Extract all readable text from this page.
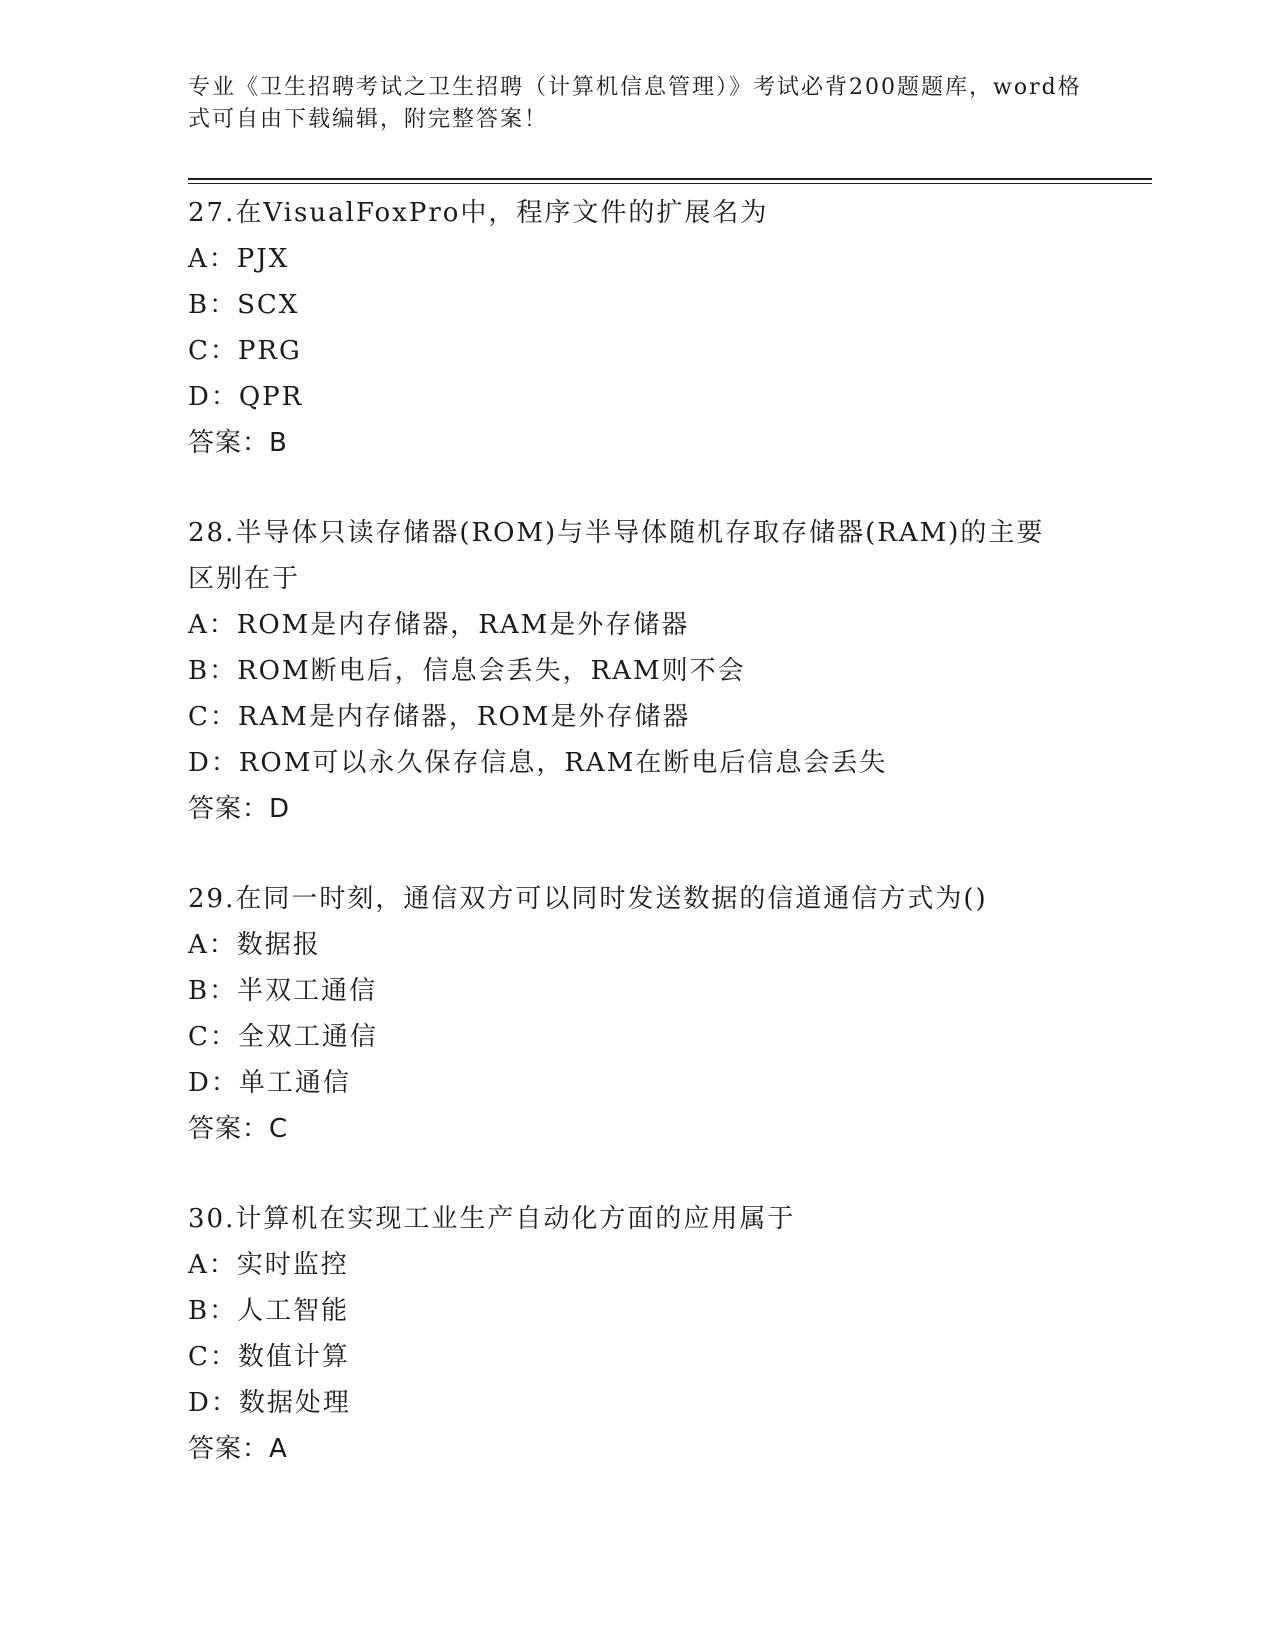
专业《卫生招聘考试之卫生招聘（计算机信息管理）》考试必背200题题库，word格式可自由下载编辑，附完整答案！
27.在VisualFoxPro中，程序文件的扩展名为
A：PJX
B：SCX
C：PRG
D：QPR
答案：B
28.半导体只读存储器(ROM)与半导体随机存取存储器(RAM)的主要区别在于
A：ROM是内存储器，RAM是外存储器
B：ROM断电后，信息会丢失，RAM则不会
C：RAM是内存储器，ROM是外存储器
D：ROM可以永久保存信息，RAM在断电后信息会丢失
答案：D
29.在同一时刻，通信双方可以同时发送数据的信道通信方式为()
A：数据报
B：半双工通信
C：全双工通信
D：单工通信
答案：C
30.计算机在实现工业生产自动化方面的应用属于
A：实时监控
B：人工智能
C：数值计算
D：数据处理
答案：A
